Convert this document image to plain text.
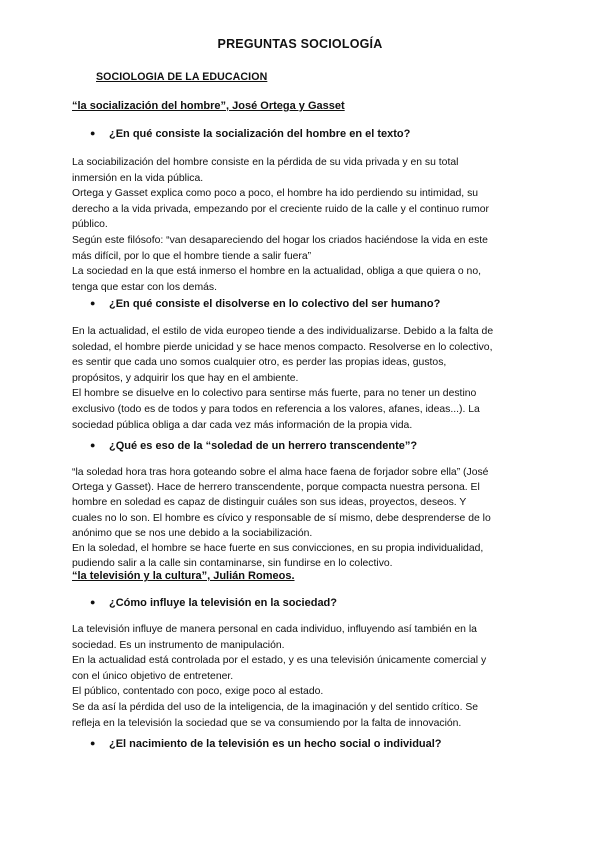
PREGUNTAS SOCIOLOGÍA

SOCIOLOGIA DE LA EDUCACION

“la socialización del hombre”, José Ortega y Gasset

● ¿En qué consiste la socialización del hombre en el texto?

La sociabilización del hombre consiste en la pérdida de su vida privada y en su total
inmersión en la vida pública.
Ortega y Gasset explica como poco a poco, el hombre ha ido perdiendo su intimidad, su
derecho a la vida privada, empezando por el creciente ruido de la calle y el continuo rumor
público.
Según este filósofo: “van desapareciendo del hogar los criados haciéndose la vida en este
más difícil, por lo que el hombre tiende a salir fuera”
La sociedad en la que está inmerso el hombre en la actualidad, obliga a que quiera o no,
tenga que estar con los demás.

● ¿En qué consiste el disolverse en lo colectivo del ser humano?

En la actualidad, el estilo de vida europeo tiende a des individualizarse. Debido a la falta de
soledad, el hombre pierde unicidad y se hace menos compacto. Resolverse en lo colectivo,
es sentir que cada uno somos cualquier otro, es perder las propias ideas, gustos,
propósitos, y adquirir los que hay en el ambiente.
El hombre se disuelve en lo colectivo para sentirse más fuerte, para no tener un destino
exclusivo (todo es de todos y para todos en referencia a los valores, afanes, ideas...). La
sociedad pública obliga a dar cada vez más información de la propia vida.

● ¿Qué es eso de la “soledad de un herrero transcendente”?

“la soledad hora tras hora goteando sobre el alma hace faena de forjador sobre ella” (José
Ortega y Gasset). Hace de herrero transcendente, porque compacta nuestra persona. El
hombre en soledad es capaz de distinguir cuáles son sus ideas, proyectos, deseos. Y
cuales no lo son. El hombre es cívico y responsable de sí mismo, debe desprenderse de lo
anónimo que se nos une debido a la sociabilización.
En la soledad, el hombre se hace fuerte en sus convicciones, en su propia individualidad,
pudiendo salir a la calle sin contaminarse, sin fundirse en lo colectivo.

“la televisión y la cultura”, Julián Romeos.

● ¿Cómo influye la televisión en la sociedad?

La televisión influye de manera personal en cada individuo, influyendo así también en la
sociedad. Es un instrumento de manipulación.
En la actualidad está controlada por el estado, y es una televisión únicamente comercial y
con el único objetivo de entretener.
El público, contentado con poco, exige poco al estado.
Se da así la pérdida del uso de la inteligencia, de la imaginación y del sentido crítico. Se
refleja en la televisión la sociedad que se va consumiendo por la falta de innovación.

● ¿El nacimiento de la televisión es un hecho social o individual?
